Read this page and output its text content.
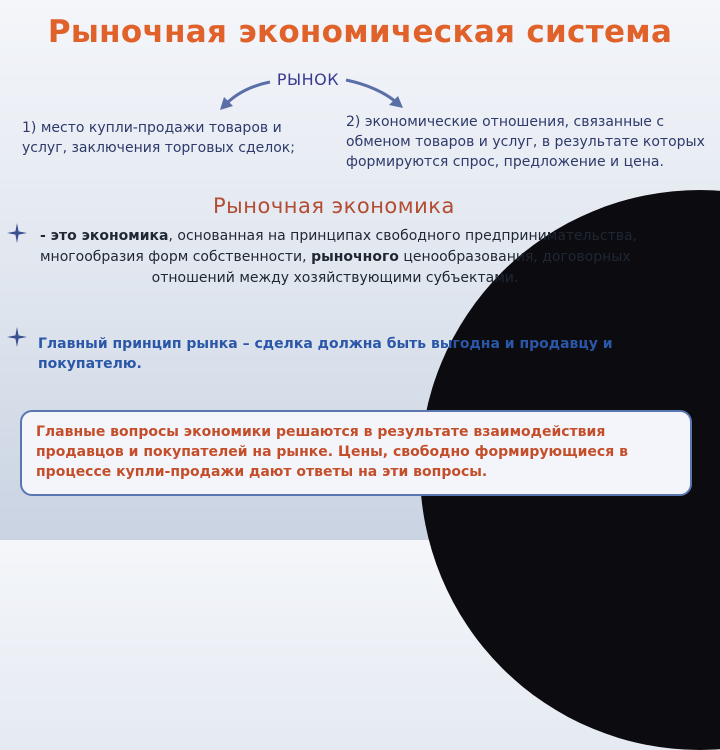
Рыночная экономическая система
РЫНОК
1) место купли-продажи товаров и услуг, заключения торговых сделок;
2) экономические отношения, связанные с обменом товаров и услуг, в результате которых формируются спрос, предложение и цена.
Рыночная экономика
- это экономика, основанная на принципах свободного предпринимательства,
многообразия форм собственности, рыночного ценообразования, договорных
отношений между хозяйствующими субъектами.
Главный принцип рынка – сделка должна быть выгодна и продавцу и покупателю.

Главные вопросы экономики решаются в результате взаимодействия продавцов и покупателей на рынке. Цены, свободно формирующиеся в процессе купли-продажи дают ответы на эти вопросы.
